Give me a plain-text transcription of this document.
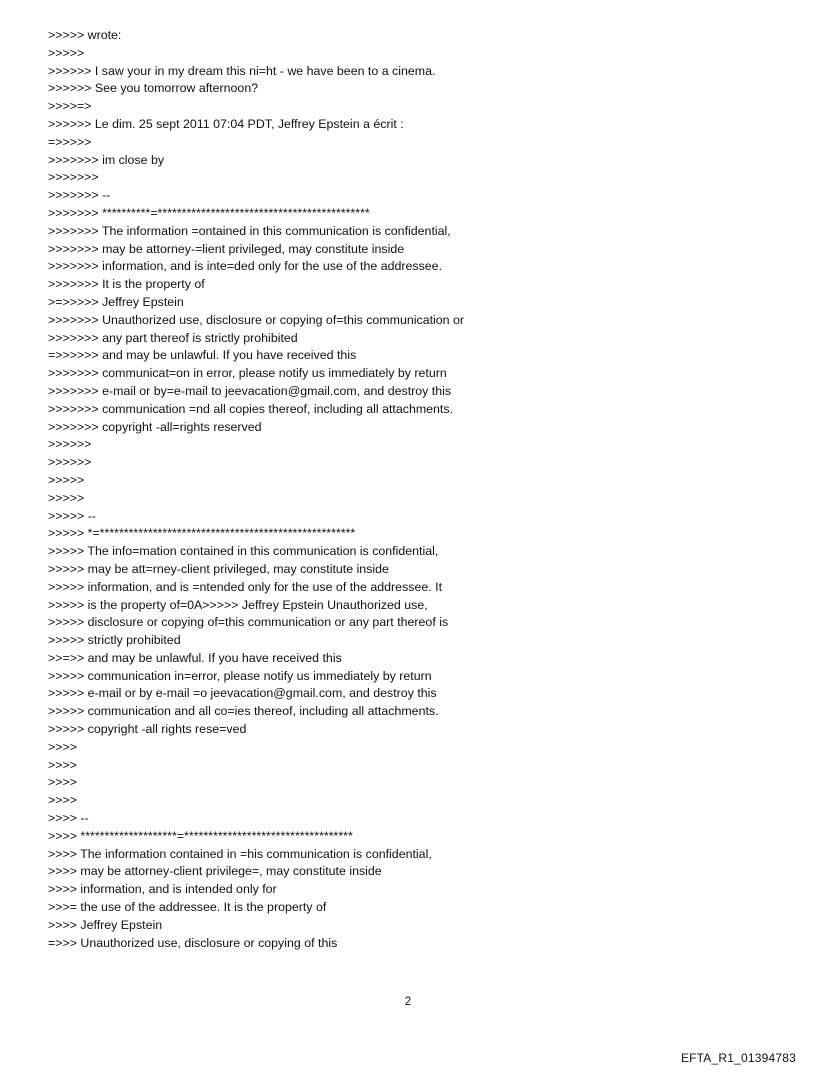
>>>>> wrote:
>>>>>
>>>>>> I saw your in my dream this ni=ht - we have been to a cinema.
>>>>>> See you tomorrow afternoon?
>>>>=>
>>>>>> Le dim. 25 sept 2011 07:04 PDT, Jeffrey Epstein a écrit :
=>>>>>
>>>>>>> im close by
>>>>>>>
>>>>>>> --
>>>>>>> **********=********************************************
>>>>>>> The information =ontained in this communication is confidential,
>>>>>>> may be attorney-=lient privileged, may constitute inside
>>>>>>> information, and is inte=ded only for the use of the addressee.
>>>>>>> It is the property of
>=>>>>> Jeffrey Epstein
>>>>>>> Unauthorized use, disclosure or copying of=this communication or
>>>>>>> any part thereof is strictly prohibited
=>>>>>> and may be unlawful. If you have received this
>>>>>>> communicat=on in error, please notify us immediately by return
>>>>>>> e-mail or by=e-mail to jeevacation@gmail.com, and destroy this
>>>>>>> communication =nd all copies thereof, including all attachments.
>>>>>>> copyright -all=rights reserved
>>>>>>
>>>>>>
>>>>>
>>>>>
>>>>> --
>>>>> *=*****************************************************
>>>>> The info=mation contained in this communication is confidential,
>>>>> may be att=rney-client privileged, may constitute inside
>>>>> information, and is =ntended only for the use of the addressee. It
>>>>> is the property of=0A>>>>> Jeffrey Epstein Unauthorized use,
>>>>> disclosure or copying of=this communication or any part thereof is
>>>>> strictly prohibited
>>=>> and may be unlawful. If you have received this
>>>>> communication in=error, please notify us immediately by return
>>>>> e-mail or by e-mail =o jeevacation@gmail.com, and destroy this
>>>>> communication and all co=ies thereof, including all attachments.
>>>>> copyright -all rights rese=ved
>>>>
>>>>
>>>>
>>>>
>>>> --
>>>> ********************=***********************************
>>>> The information contained in =his communication is confidential,
>>>> may be attorney-client privilege=, may constitute inside
>>>> information, and is intended only for
>>>= the use of the addressee. It is the property of
>>>> Jeffrey Epstein
=>>> Unauthorized use, disclosure or copying of this
2
EFTA_R1_01394783
